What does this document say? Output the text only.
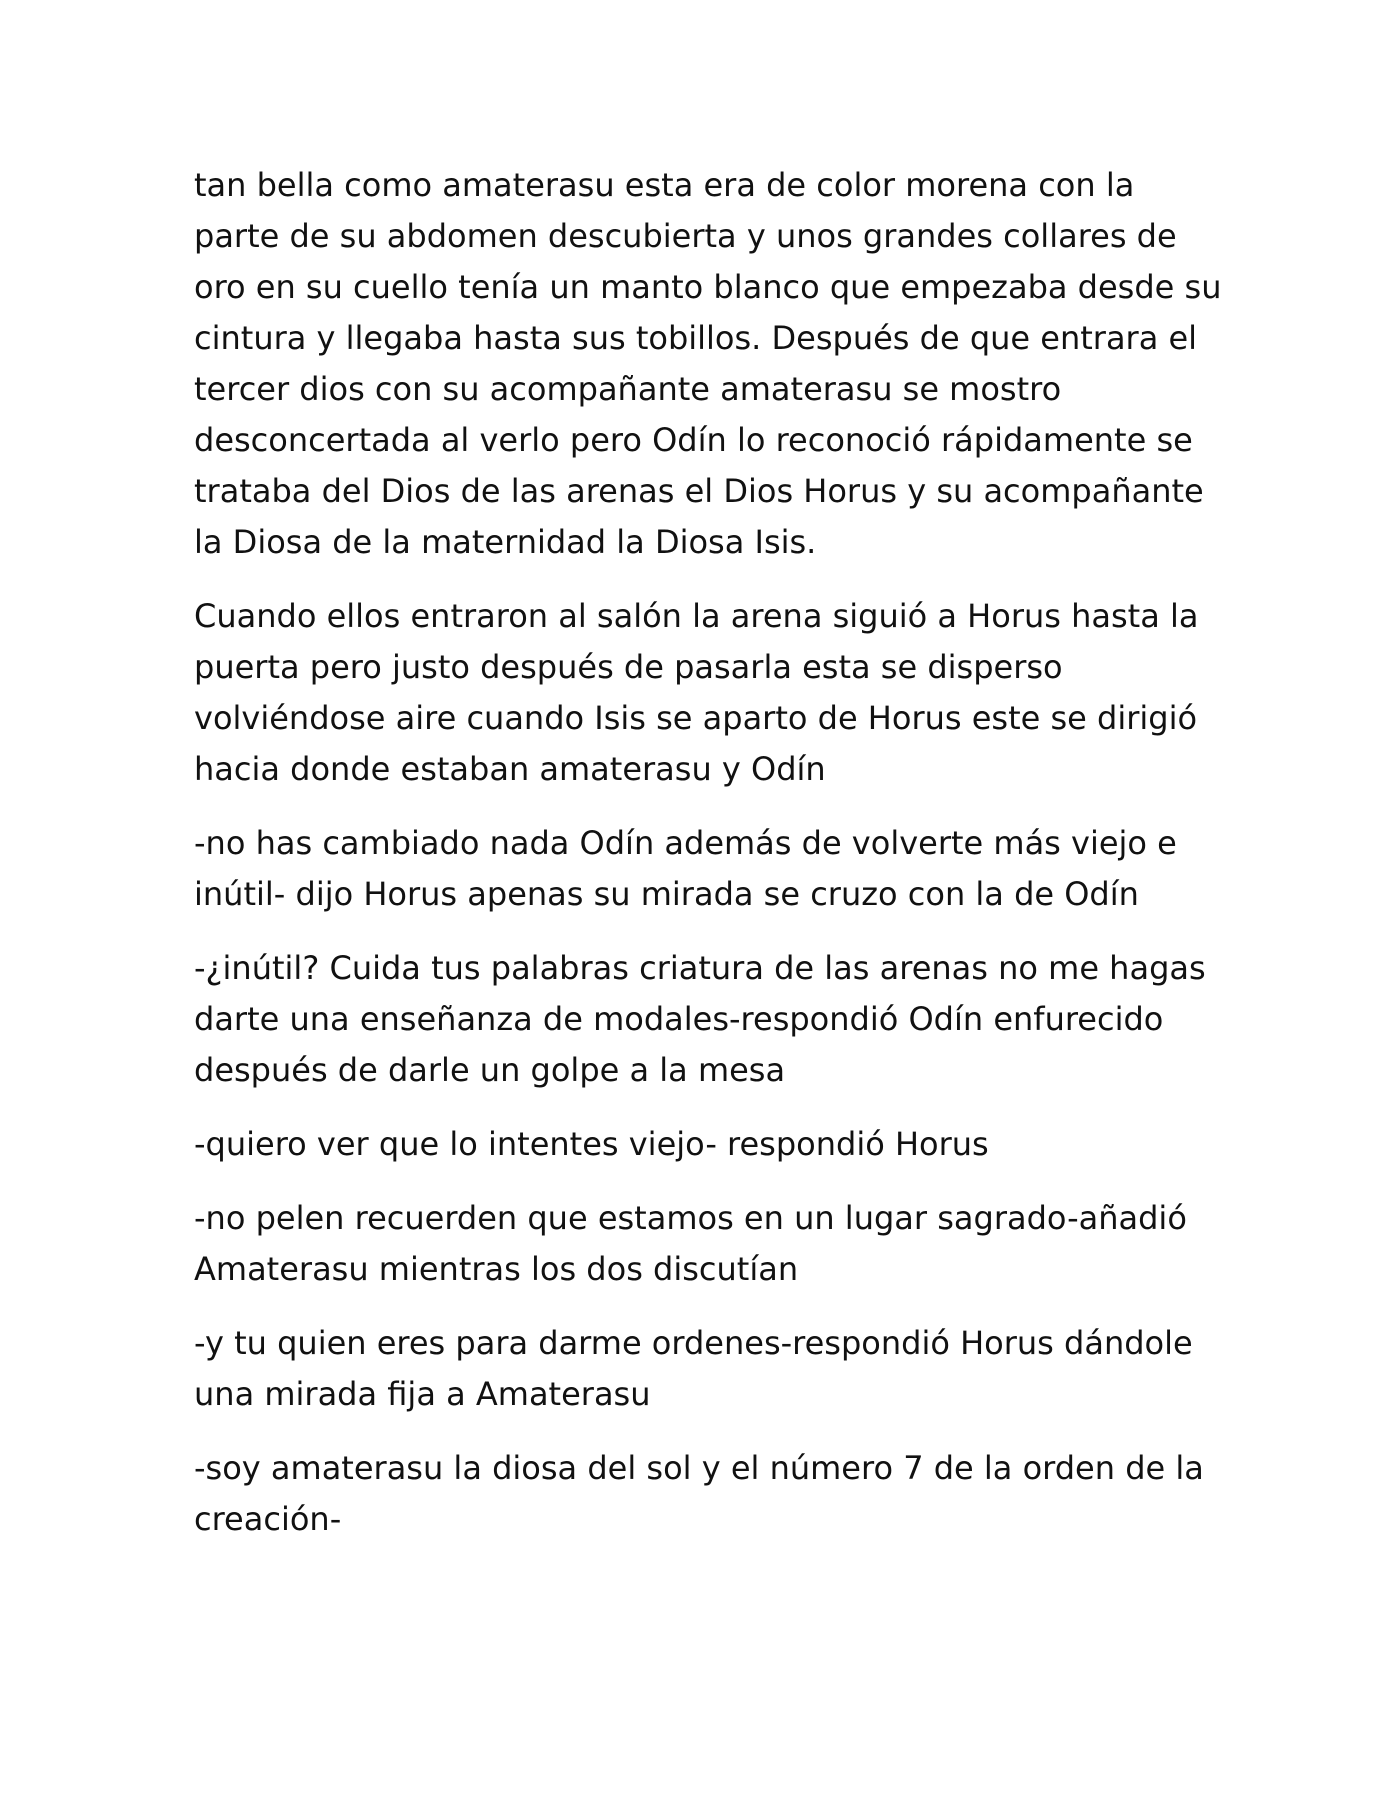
tan bella como amaterasu esta era de color morena con la parte de su abdomen descubierta y unos grandes collares de oro en su cuello tenía un manto blanco que empezaba desde su cintura y llegaba hasta sus tobillos. Después de que entrara el tercer dios con su acompañante amaterasu se mostro desconcertada al verlo pero Odín lo reconoció rápidamente se trataba del Dios de las arenas el Dios Horus y su acompañante la Diosa de la maternidad la Diosa Isis.

Cuando ellos entraron al salón la arena siguió a Horus hasta la puerta pero justo después de pasarla esta se disperso volviéndose aire cuando Isis se aparto de Horus este se dirigió hacia donde estaban amaterasu y Odín

-no has cambiado nada Odín además de volverte más viejo e inútil- dijo Horus apenas su mirada se cruzo con la de Odín

-¿inútil? Cuida tus palabras criatura de las arenas no me hagas darte una enseñanza de modales-respondió Odín enfurecido después de darle un golpe a la mesa

-quiero ver que lo intentes viejo- respondió Horus

-no pelen recuerden que estamos en un lugar sagrado-añadió Amaterasu mientras los dos discutían

-y tu quien eres para darme ordenes-respondió Horus dándole una mirada fija a Amaterasu

-soy amaterasu la diosa del sol y el número 7 de la orden de la creación-
